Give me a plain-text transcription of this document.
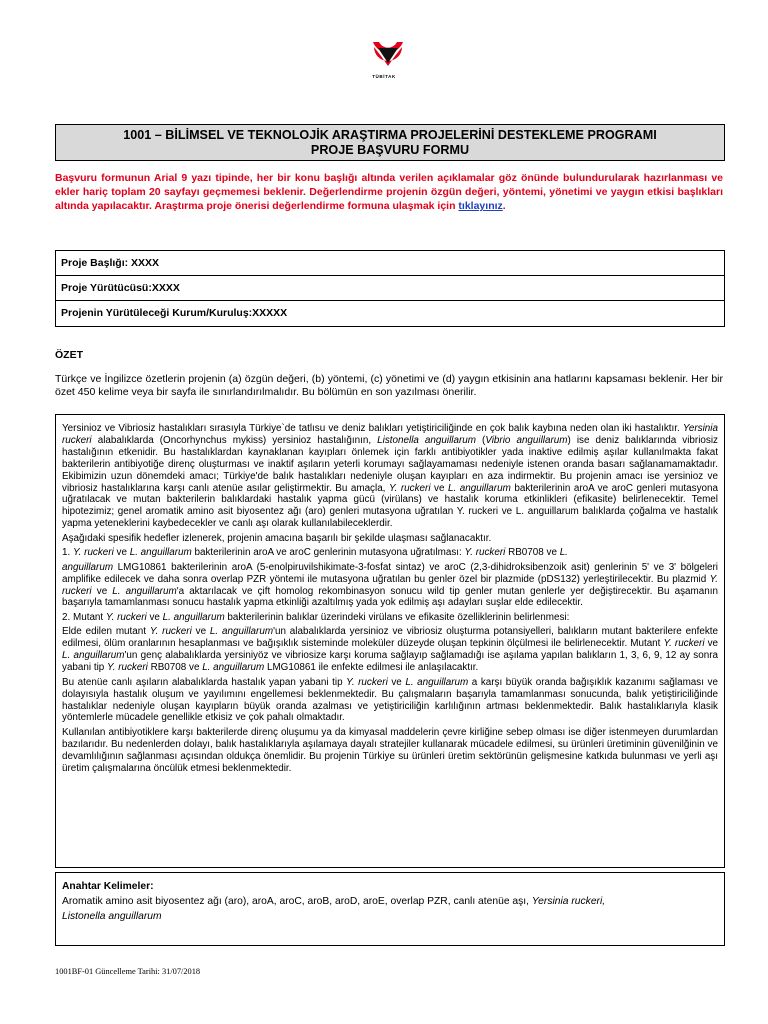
TÜBİTAK
1001 – BİLİMSEL VE TEKNOLOJİK ARAŞTIRMA PROJELERİNİ DESTEKLEME PROGRAMI
PROJE BAŞVURU FORMU
Başvuru formunun Arial 9 yazı tipinde, her bir konu başlığı altında verilen açıklamalar göz önünde bulundurularak hazırlanması ve ekler hariç toplam 20 sayfayı geçmemesi beklenir. Değerlendirme projenin özgün değeri, yöntemi, yönetimi ve yaygın etkisi başlıkları altında yapılacaktır. Araştırma proje önerisi değerlendirme formuna ulaşmak için tıklayınız.
Proje Başlığı: XXXX
Proje Yürütücüsü:XXXX
Projenin Yürütüleceği Kurum/Kuruluş:XXXXX
ÖZET
Türkçe ve İngilizce özetlerin projenin (a) özgün değeri, (b) yöntemi, (c) yönetimi ve (d) yaygın etkisinin ana hatlarını kapsaması beklenir. Her bir özet 450 kelime veya bir sayfa ile sınırlandırılmalıdır. Bu bölümün en son yazılması önerilir.

Yersinioz ve Vibriosiz hastalıkları sırasıyla Türkiye`de tatlısu ve deniz balıkları yetiştiriciliğinde en çok balık kaybına neden olan iki hastalıktır. Yersinia ruckeri alabalıklarda (Oncorhynchus mykiss) yersinioz hastalığının, Listonella anguillarum (Vibrio anguillarum) ise deniz balıklarında vibriosiz hastalığının etkenidir. Bu hastalıklardan kaynaklanan kayıpları önlemek için farklı antibiyotikler yada inaktive edilmiş aşılar kullanılmakta fakat bakterilerin antibiyotiğe direnç oluşturması ve inaktif aşıların yeterli korumayı sağlayamaması nedeniyle istenen oranda basarı sağlanamamaktadır. Ekibimizin uzun dönemdeki amacı; Türkiye'de balık hastalıkları nedeniyle oluşan kayıpları en aza indirmektir. Bu projenin amacı ise yersinioz ve vibriosiz hastalıklarına karşı canlı atenüe asılar geliştirmektir. Bu amaçla, Y. ruckeri ve L. anguillarum bakterilerinin aroA ve aroC genleri mutasyona uğratılacak ve mutan bakterilerin balıklardaki hastalık yapma gücü (virülans) ve hastalık koruma etkinlikleri (efikasite) belirlenecektir. Temel hipotezimiz; genel aromatik amino asit biyosentez ağı (aro) genleri mutasyona uğratılan Y. ruckeri ve L. anguillarum balıklarda çoğalma ve hastalık yapma yeteneklerini kaybedecekler ve canlı aşı olarak kullanılabileceklerdir.

Aşağıdaki spesifik hedefler izlenerek, projenin amacına başarılı bir şekilde ulaşması sağlanacaktır.

1. Y. ruckeri ve L. anguillarum bakterilerinin aroA ve aroC genlerinin mutasyona uğratılması: Y. ruckeri RB0708 ve L.

anguillarum LMG10861 bakterilerinin aroA (5-enolpiruvilshikimate-3-fosfat sintaz) ve aroC (2,3-dihidroksibenzoik asit) genlerinin 5' ve 3' bölgeleri amplifike edilecek ve daha sonra overlap PZR yöntemi ile mutasyona uğratılan bu genler özel bir plazmide (pDS132) yerleştirilecektir. Bu plazmid Y. ruckeri ve L. anguillarum'a aktarılacak ve çift homolog rekombinasyon sonucu wild tip genler mutan genlerle yer değiştirecektir. Bu aşamanın başarıyla tamamlanması sonucu hastalık yapma etkinliği azaltılmış yada yok edilmiş aşı adayları suşlar elde edilecektir.

2. Mutant Y. ruckeri ve L. anguillarum bakterilerinin balıklar üzerindeki virülans ve efikasite özelliklerinin belirlenmesi:

Elde edilen mutant Y. ruckeri ve L. anguillarum'un alabalıklarda yersinioz ve vibriosiz oluşturma potansiyelleri, balıkların mutant bakterilere enfekte edilmesi, ölüm oranlarının hesaplanması ve bağışıklık sisteminde moleküler düzeyde oluşan tepkinin ölçülmesi ile belirlenecektir. Mutant Y. ruckeri ve L. anguillarum'un genç alabalıklarda yersiniyöz ve vibriosize karşı koruma sağlayıp sağlamadığı ise aşılama yapılan balıkların 1, 3, 6, 9, 12 ay sonra yabani tip Y. ruckeri RB0708 ve L. anguillarum LMG10861 ile enfekte edilmesi ile anlaşılacaktır.

Bu atenüe canlı aşıların alabalıklarda hastalık yapan yabani tip Y. ruckeri ve L. anguillarum a karşı büyük oranda bağışıklık kazanımı sağlaması ve dolayısıyla hastalık oluşum ve yayılımını engellemesi beklenmektedir. Bu çalışmaların başarıyla tamamlanması sonucunda, balık yetiştiriciliğinde hastalıklar nedeniyle oluşan kayıpların büyük oranda azalması ve yetiştiriciliğin karlılığının artması beklenmektedir. Balık hastalıklarıyla klasik yöntemlerle mücadele genellikle etkisiz ve çok pahalı olmaktadır.

Kullanılan antibiyotiklere karşı bakterilerde direnç oluşumu ya da kimyasal maddelerin çevre kirliğine sebep olması ise diğer istenmeyen durumlardan bazılarıdır. Bu nedenlerden dolayı, balık hastalıklarıyla aşılamaya dayalı stratejiler kullanarak mücadele edilmesi, su ürünleri üretiminin güvenilğinin ve devamlılığının sağlanması açısından oldukça önemlidir. Bu projenin Türkiye su ürünleri üretim sektörünün gelişmesine katkıda bulunması ve yerli aşı üretim çalışmalarına öncülük etmesi beklenmektedir.

Anahtar Kelimeler:
Aromatik amino asit biyosentez ağı (aro), aroA, aroC, aroB, aroD, aroE, overlap PZR, canlı atenüe aşı, Yersinia ruckeri,
Listonella anguillarum
1001BF-01 Güncelleme Tarihi: 31/07/2018
